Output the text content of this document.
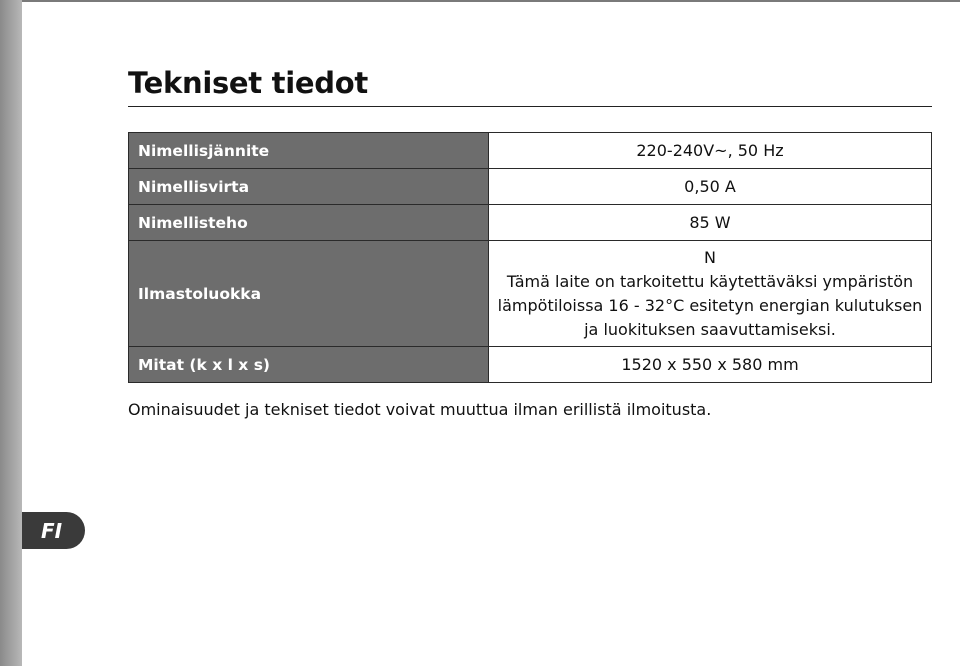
Tekniset tiedot
Nimellisjännite	220-240V~, 50 Hz
Nimellisvirta	0,50 A
Nimellisteho	85 W
Ilmastoluokka	N
Tämä laite on tarkoitettu käytettäväksi ympäristön
lämpötiloissa 16 - 32°C esitetyn energian kulutuksen
ja luokituksen saavuttamiseksi.

Mitat (k x l x s)	1520 x 550 x 580 mm
Ominaisuudet ja tekniset tiedot voivat muuttua ilman erillistä ilmoitusta.
FI
